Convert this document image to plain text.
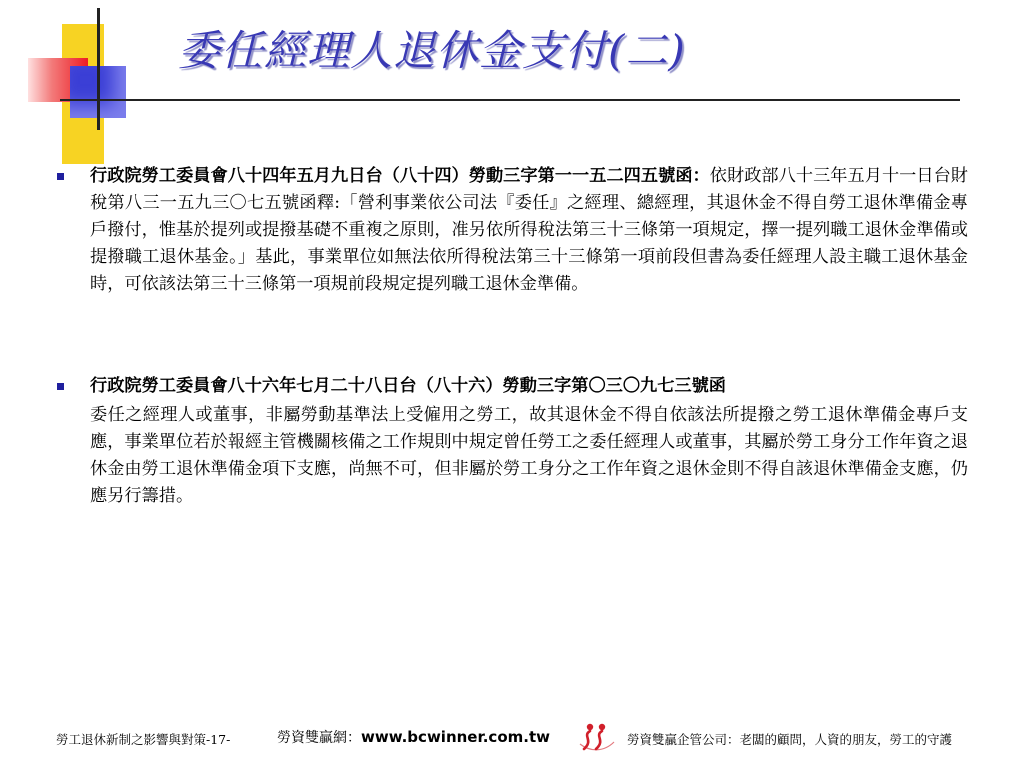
委任經理人退休金支付(二)
行政院勞工委員會八十四年五月九日台（八十四）勞動三字第一一五二四五號函：依財政部八十三年五月十一日台財稅第八三一五九三〇七五號函釋:「營利事業依公司法『委任』之經理、總經理，其退休金不得自勞工退休準備金專戶撥付，惟基於提列或提撥基礎不重複之原則，准另依所得稅法第三十三條第一項規定，擇一提列職工退休金準備或提撥職工退休基金。」基此，事業單位如無法依所得稅法第三十三條第一項前段但書為委任經理人設主職工退休基金時，可依該法第三十三條第一項規前段規定提列職工退休金準備。
行政院勞工委員會八十六年七月二十八日台（八十六）勞動三字第〇三〇九七三號函
委任之經理人或董事，非屬勞動基準法上受僱用之勞工，故其退休金不得自依該法所提撥之勞工退休準備金專戶支應，事業單位若於報經主管機關核備之工作規則中規定曾任勞工之委任經理人或董事，其屬於勞工身分工作年資之退休金由勞工退休準備金項下支應，尚無不可，但非屬於勞工身分之工作年資之退休金則不得自該退休準備金支應，仍應另行籌措。
勞工退休新制之影響與對策-17-	勞資雙贏網：www.bcwinner.com.tw	勞資雙贏企管公司：老闆的顧問，人資的朋友，勞工的守護
